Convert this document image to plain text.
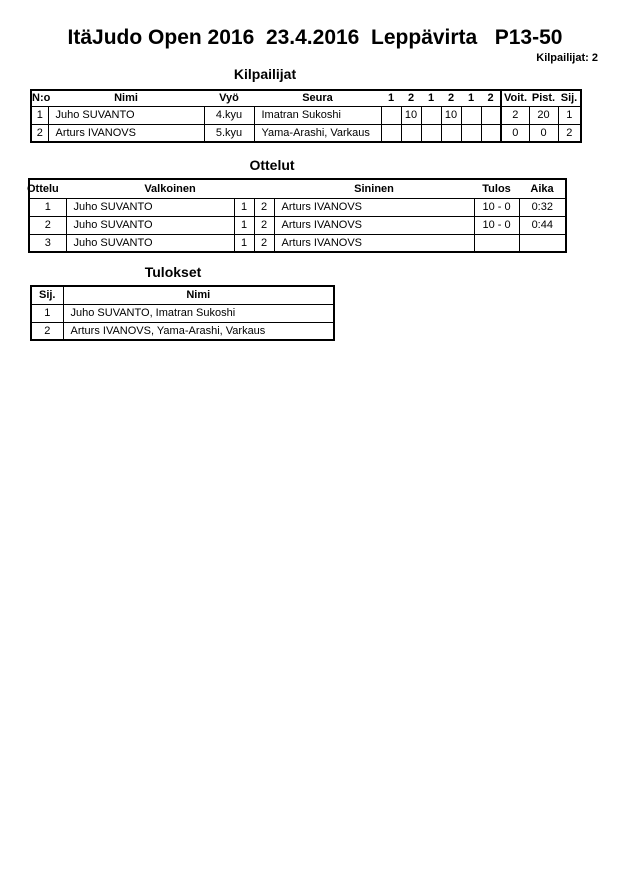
ItäJudo Open 2016  23.4.2016  Leppävirta   P13-50
Kilpailijat: 2
Kilpailijat
N:o	Nimi	Vyö	Seura	1	2	1	2	1	2	Voit.	Pist.	Sij.
1	Juho SUVANTO	4.kyu	Imatran Sukoshi		10		10			2	20	1
2	Arturs IVANOVS	5.kyu	Yama-Arashi, Varkaus							0	0	2
Ottelut
Ottelu	Valkoinen			Sininen	Tulos	Aika
1	Juho SUVANTO	1	2	Arturs IVANOVS	10 - 0	0:32
2	Juho SUVANTO	1	2	Arturs IVANOVS	10 - 0	0:44
3	Juho SUVANTO	1	2	Arturs IVANOVS		
Tulokset
Sij.	Nimi
1	Juho SUVANTO, Imatran Sukoshi
2	Arturs IVANOVS, Yama-Arashi, Varkaus
